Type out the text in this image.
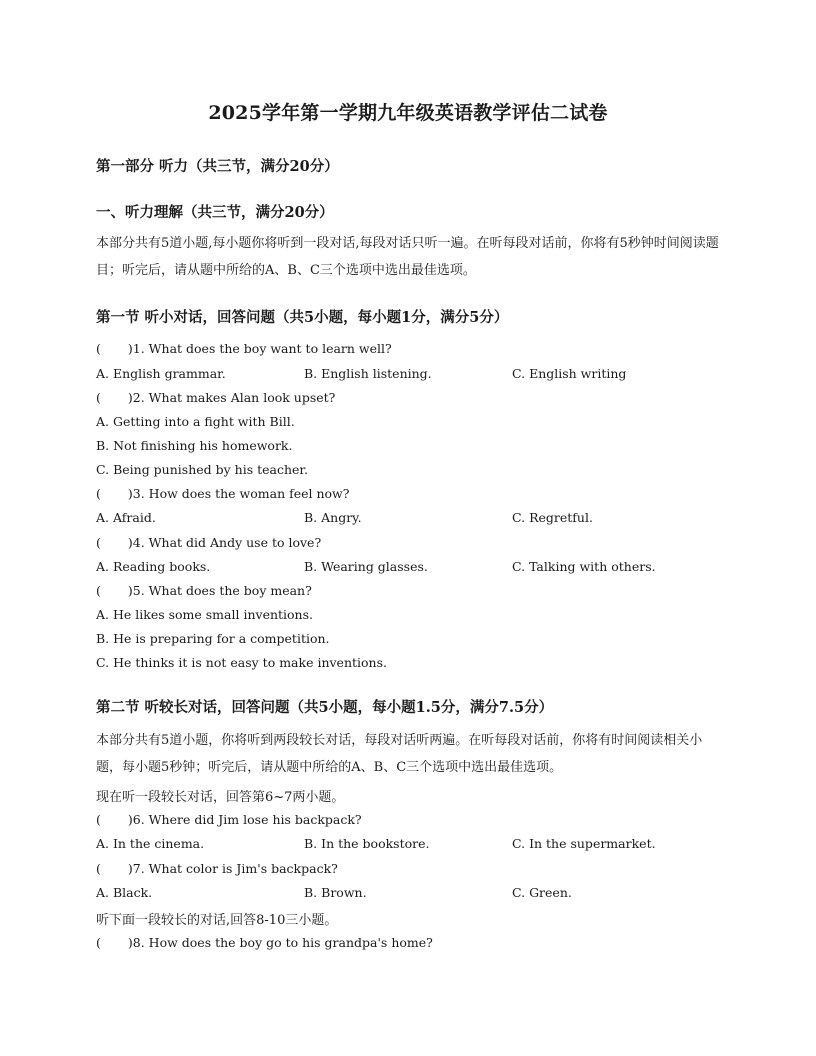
2025学年第一学期九年级英语教学评估二试卷
第一部分 听力（共三节，满分20分）
一、听力理解（共三节，满分20分）
本部分共有5道小题,每小题你将听到一段对话,每段对话只听一遍。在听每段对话前，你将有5秒钟时间阅读题目；听完后，请从题中所给的A、B、C三个选项中选出最佳选项。
第一节 听小对话，回答问题（共5小题，每小题1分，满分5分）
( )1. What does the boy want to learn well?
A. English grammar.	B. English listening.	C. English writing
( )2. What makes Alan look upset?
A. Getting into a fight with Bill.
B. Not finishing his homework.
C. Being punished by his teacher.
( )3. How does the woman feel now?
A. Afraid.	B. Angry.	C. Regretful.
( )4. What did Andy use to love?
A. Reading books.	B. Wearing glasses.	C. Talking with others.
( )5. What does the boy mean?
A. He likes some small inventions.
B. He is preparing for a competition.
C. He thinks it is not easy to make inventions.
第二节 听较长对话，回答问题（共5小题，每小题1.5分，满分7.5分）
本部分共有5道小题，你将听到两段较长对话，每段对话听两遍。在听每段对话前，你将有时间阅读相关小题，每小题5秒钟；听完后，请从题中所给的A、B、C三个选项中选出最佳选项。
现在听一段较长对话，回答第6~7两小题。
( )6. Where did Jim lose his backpack?
A. In the cinema.	B. In the bookstore.	C. In the supermarket.
( )7. What color is Jim's backpack?
A. Black.	B. Brown.	C. Green.
听下面一段较长的对话,回答8-10三小题。
( )8. How does the boy go to his grandpa's home?
